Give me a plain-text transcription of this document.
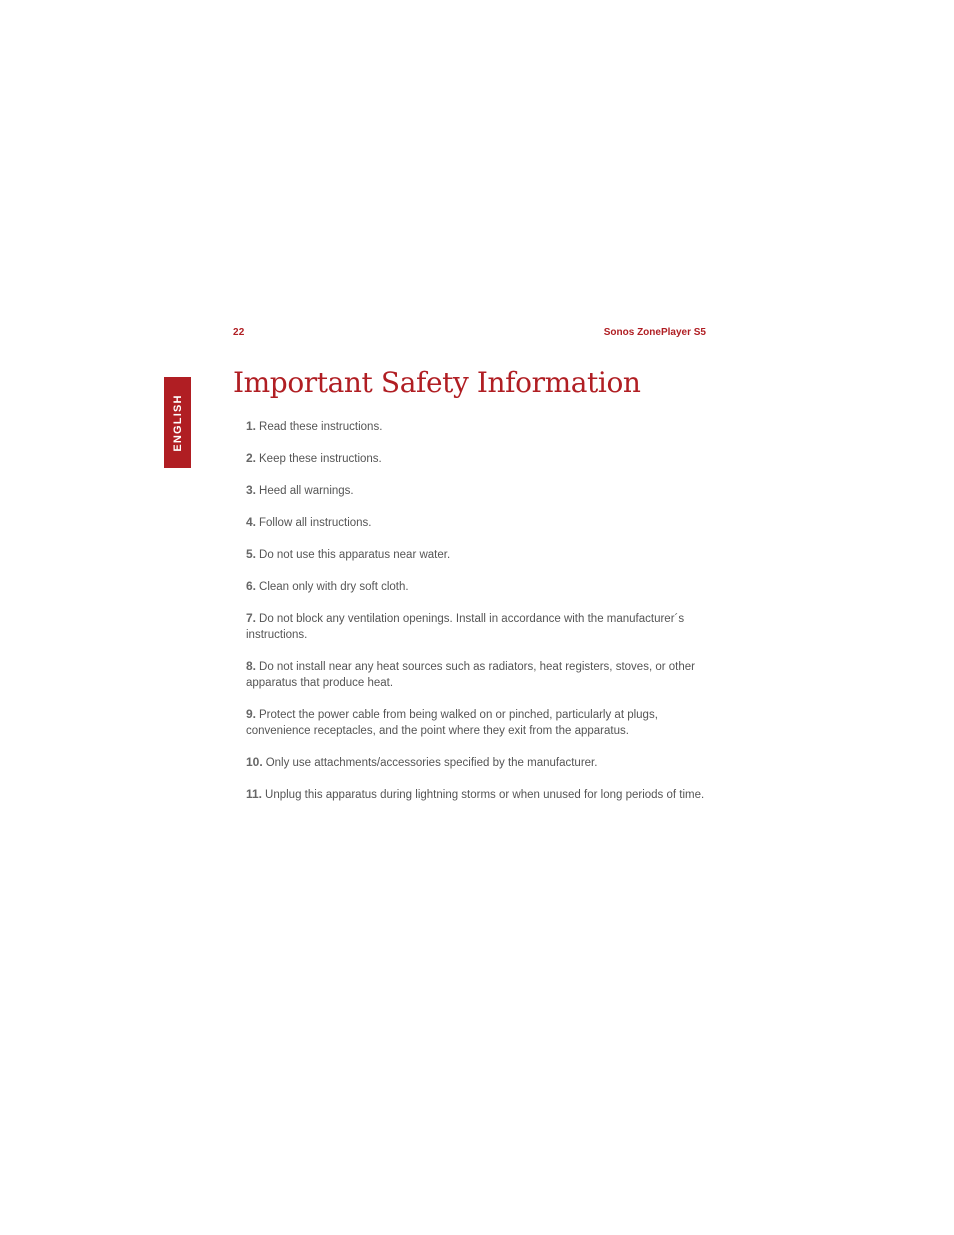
22	Sonos ZonePlayer S5
ENGLISH
Important Safety Information
1. Read these instructions.
2. Keep these instructions.
3. Heed all warnings.
4. Follow all instructions.
5. Do not use this apparatus near water.
6. Clean only with dry soft cloth.
7. Do not block any ventilation openings. Install in accordance with the manufacturer´s instructions.
8. Do not install near any heat sources such as radiators, heat registers, stoves, or other apparatus that produce heat.
9. Protect the power cable from being walked on or pinched, particularly at plugs, convenience receptacles, and the point where they exit from the apparatus.
10. Only use attachments/accessories specified by the manufacturer.
11. Unplug this apparatus during lightning storms or when unused for long periods of time.
